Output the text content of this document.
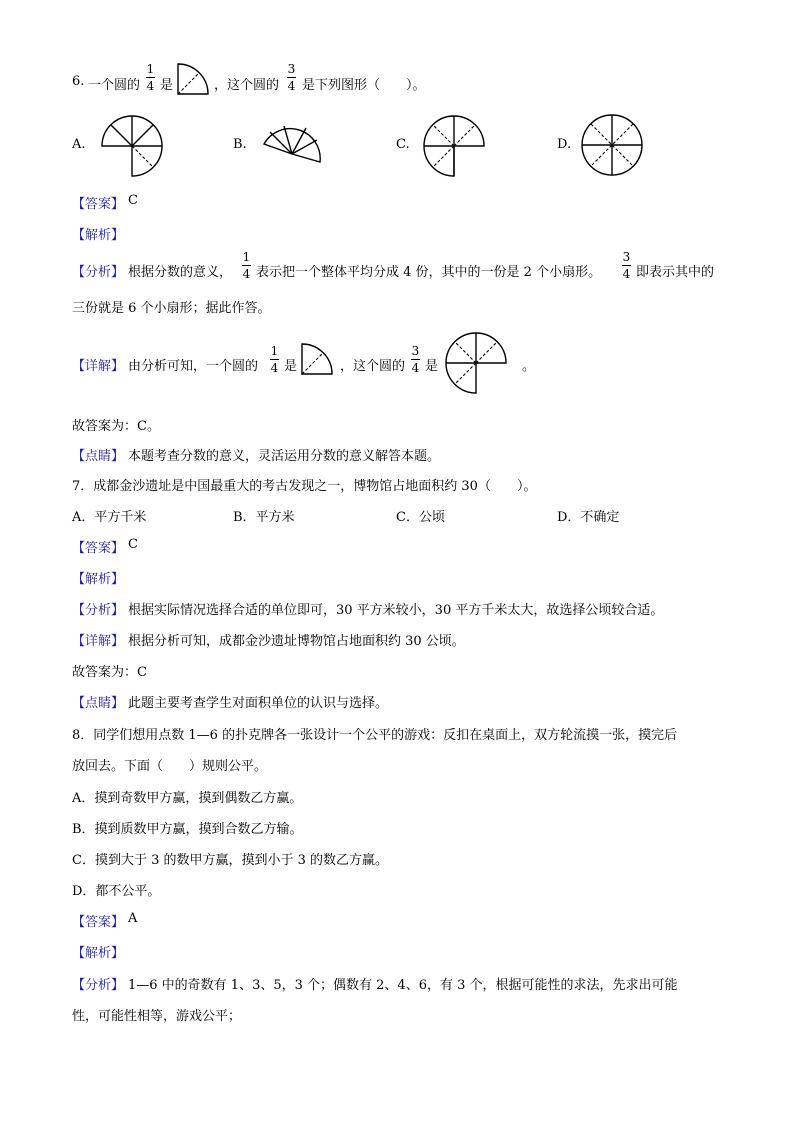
6. 一个圆的
1
4 是	，这个圆的
3
4 是下列图形（　　）。
A.	B.	C.	D.
【答案】 C
【解析】
【分析】 根据分数的意义，
1
4 表示把一个整体平均分成 4 份，其中的一份是 2 个小扇形。
3
4 即表示其中的
三份就是 6 个小扇形；据此作答。
【详解】 由分析可知，一个圆的
1
4 是	，这个圆的
3
4 是	。
故答案为：C。
【点睛】 本题考查分数的意义，灵活运用分数的意义解答本题。
7．成都金沙遗址是中国最重大的考古发现之一，博物馆占地面积约 30（　　）。
A．平方千米	B．平方米	C．公顷	D．不确定
【答案】 C
【解析】
【分析】 根据实际情况选择合适的单位即可，30 平方米较小，30 平方千米太大，故选择公顷较合适。
【详解】 根据分析可知，成都金沙遗址博物馆占地面积约 30 公顷。
故答案为：C
【点睛】 此题主要考查学生对面积单位的认识与选择。
8．同学们想用点数 1—6 的扑克牌各一张设计一个公平的游戏：反扣在桌面上，双方轮流摸一张，摸完后
放回去。下面（　　）规则公平。
A．摸到奇数甲方赢，摸到偶数乙方赢。
B．摸到质数甲方赢，摸到合数乙方输。
C．摸到大于 3 的数甲方赢，摸到小于 3 的数乙方赢。
D．都不公平。
【答案】 A
【解析】
【分析】 1—6 中的奇数有 1、3、5，3 个；偶数有 2、4、6，有 3 个，根据可能性的求法，先求出可能
性，可能性相等，游戏公平；
